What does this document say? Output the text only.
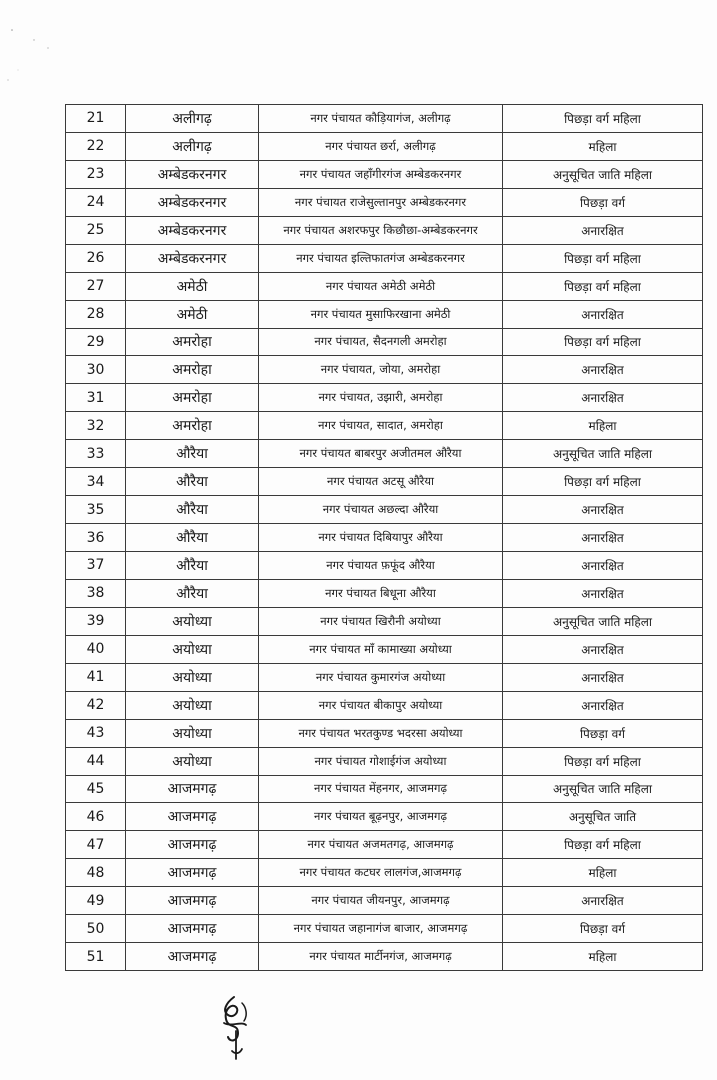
21	अलीगढ़	नगर पंचायत कौड़ियागंज, अलीगढ़	पिछड़ा वर्ग महिला
22	अलीगढ़	नगर पंचायत छर्रा, अलीगढ़	महिला
23	अम्बेडकरनगर	नगर पंचायत जहाँगीरगंज अम्बेडकरनगर	अनुसूचित जाति महिला
24	अम्बेडकरनगर	नगर पंचायत राजेसुल्तानपुर अम्बेडकरनगर	पिछड़ा वर्ग
25	अम्बेडकरनगर	नगर पंचायत अशरफपुर किछौछा-अम्बेडकरनगर	अनारक्षित
26	अम्बेडकरनगर	नगर पंचायत इल्तिफातगंज अम्बेडकरनगर	पिछड़ा वर्ग महिला
27	अमेठी	नगर पंचायत अमेठी अमेठी	पिछड़ा वर्ग महिला
28	अमेठी	नगर पंचायत मुसाफिरखाना अमेठी	अनारक्षित
29	अमरोहा	नगर पंचायत, सैदनगली अमरोहा	पिछड़ा वर्ग महिला
30	अमरोहा	नगर पंचायत, जोया, अमरोहा	अनारक्षित
31	अमरोहा	नगर पंचायत, उझारी, अमरोहा	अनारक्षित
32	अमरोहा	नगर पंचायत, सादात, अमरोहा	महिला
33	औरैया	नगर पंचायत बाबरपुर अजीतमल औरैया	अनुसूचित जाति महिला
34	औरैया	नगर पंचायत अटसू औरैया	पिछड़ा वर्ग महिला
35	औरैया	नगर पंचायत अछल्दा औरैया	अनारक्षित
36	औरैया	नगर पंचायत दिबियापुर औरैया	अनारक्षित
37	औरैया	नगर पंचायत फ़फूंद औरैया	अनारक्षित
38	औरैया	नगर पंचायत बिधूना औरैया	अनारक्षित
39	अयोध्या	नगर पंचायत खिरौनी अयोध्या	अनुसूचित जाति महिला
40	अयोध्या	नगर पंचायत माँ कामाख्या अयोध्या	अनारक्षित
41	अयोध्या	नगर पंचायत कुमारगंज अयोध्या	अनारक्षित
42	अयोध्या	नगर पंचायत बीकापुर अयोध्या	अनारक्षित
43	अयोध्या	नगर पंचायत भरतकुण्ड भदरसा अयोध्या	पिछड़ा वर्ग
44	अयोध्या	नगर पंचायत गोशाईगंज अयोध्या	पिछड़ा वर्ग महिला
45	आजमगढ़	नगर पंचायत मेंहनगर, आजमगढ़	अनुसूचित जाति महिला
46	आजमगढ़	नगर पंचायत बूढ़नपुर, आजमगढ़	अनुसूचित जाति
47	आजमगढ़	नगर पंचायत अजमतगढ़, आजमगढ़	पिछड़ा वर्ग महिला
48	आजमगढ़	नगर पंचायत कटघर लालगंज,आजमगढ़	महिला
49	आजमगढ़	नगर पंचायत जीयनपुर, आजमगढ़	अनारक्षित
50	आजमगढ़	नगर पंचायत जहानागंज बाजार, आजमगढ़	पिछड़ा वर्ग
51	आजमगढ़	नगर पंचायत मार्टीनगंज, आजमगढ़	महिला
